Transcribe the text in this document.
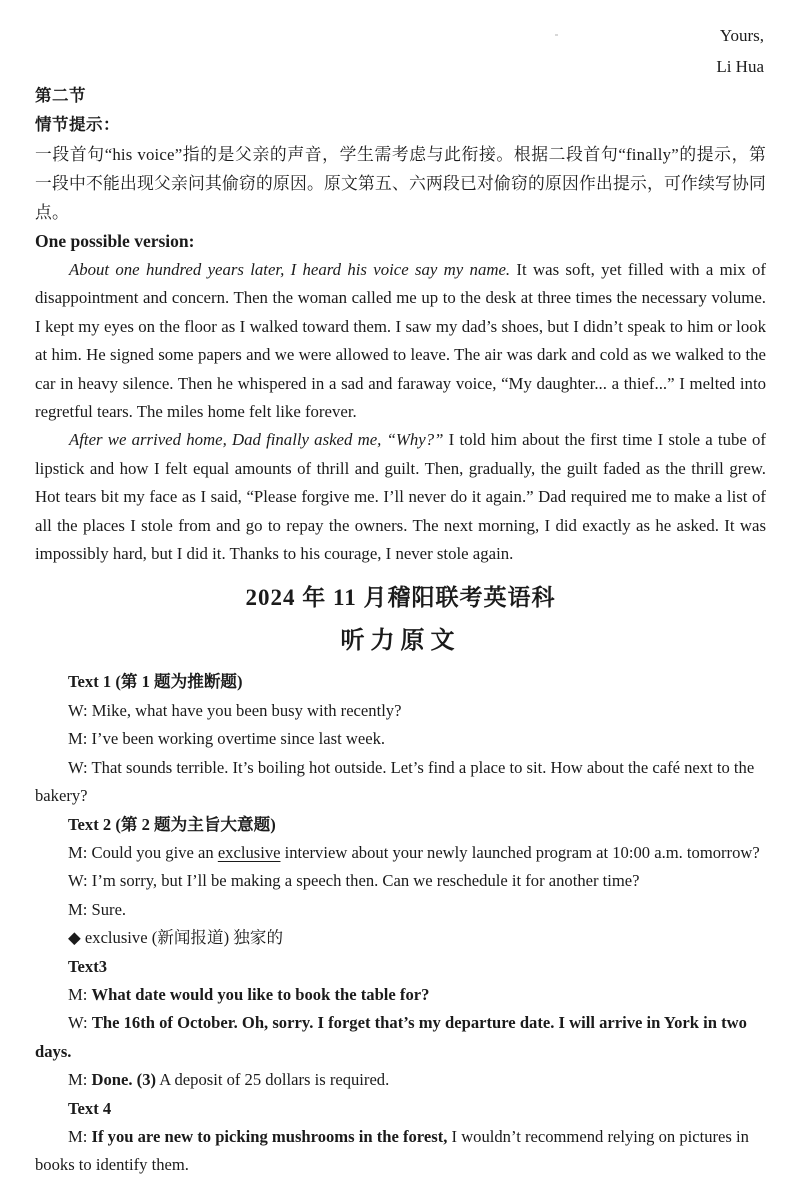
Yours,

Li Hua

第二节

情节提示：

一段首句“his voice”指的是父亲的声音，学生需考虑与此衔接。根据二段首句“finally”的提示，第一段中不能出现父亲问其偷窃的原因。原文第五、六两段已对偷窃的原因作出提示，可作续写协同点。

One possible version:

About one hundred years later, I heard his voice say my name. It was soft, yet filled with a mix of disappointment and concern. Then the woman called me up to the desk at three times the necessary volume. I kept my eyes on the floor as I walked toward them. I saw my dad’s shoes, but I didn’t speak to him or look at him. He signed some papers and we were allowed to leave. The air was dark and cold as we walked to the car in heavy silence. Then he whispered in a sad and faraway voice, “My daughter... a thief...” I melted into regretful tears. The miles home felt like forever.

After we arrived home, Dad finally asked me, “Why?” I told him about the first time I stole a tube of lipstick and how I felt equal amounts of thrill and guilt. Then, gradually, the guilt faded as the thrill grew. Hot tears bit my face as I said, “Please forgive me. I’ll never do it again.” Dad required me to make a list of all the places I stole from and go to repay the owners. The next morning, I did exactly as he asked. It was impossibly hard, but I did it. Thanks to his courage, I never stole again.

2024 年 11 月稽阳联考英语科

听力原文

Text 1 (第 1 题为推断题)

W: Mike, what have you been busy with recently?

M: I’ve been working overtime since last week.

W: That sounds terrible. It’s boiling hot outside. Let’s find a place to sit. How about the café next to the bakery?

Text 2 (第 2 题为主旨大意题)

M: Could you give an exclusive interview about your newly launched program at 10:00 a.m. tomorrow?

W: I’m sorry, but I’ll be making a speech then. Can we reschedule it for another time?

M: Sure.

◆ exclusive (新闻报道) 独家的

Text3

M: What date would you like to book the table for?

W: The 16th of October. Oh, sorry. I forget that’s my departure date. I will arrive in York in two days.

M: Done. (3) A deposit of 25 dollars is required.

Text 4

M: If you are new to picking mushrooms in the forest, I wouldn’t recommend relying on pictures in books to identify them.
